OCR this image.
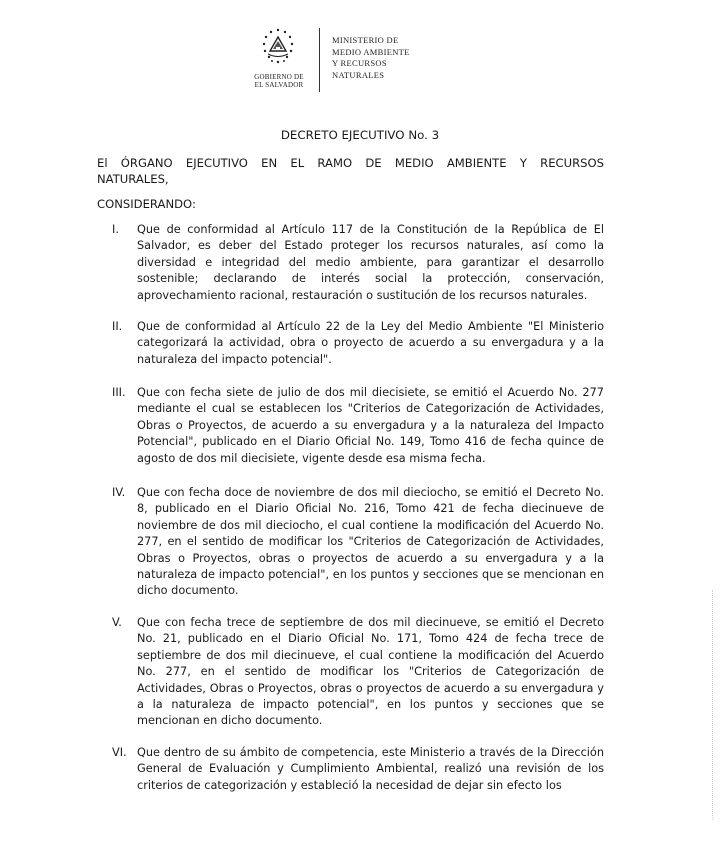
GOBIERNO DE
EL SALVADOR
MINISTERIO DE
MEDIO AMBIENTE
Y RECURSOS
NATURALES
DECRETO EJECUTIVO No. 3
El ÓRGANO EJECUTIVO EN EL RAMO DE MEDIO AMBIENTE Y RECURSOS NATURALES,
CONSIDERANDO:
I. Que de conformidad al Artículo 117 de la Constitución de la República de El Salvador, es deber del Estado proteger los recursos naturales, así como la diversidad e integridad del medio ambiente, para garantizar el desarrollo sostenible; declarando de interés social la protección, conservación, aprovechamiento racional, restauración o sustitución de los recursos naturales.
II. Que de conformidad al Artículo 22 de la Ley del Medio Ambiente "El Ministerio categorizará la actividad, obra o proyecto de acuerdo a su envergadura y a la naturaleza del impacto potencial".
III. Que con fecha siete de julio de dos mil diecisiete, se emitió el Acuerdo No. 277 mediante el cual se establecen los "Criterios de Categorización de Actividades, Obras o Proyectos, de acuerdo a su envergadura y a la naturaleza del Impacto Potencial", publicado en el Diario Oficial No. 149, Tomo 416 de fecha quince de agosto de dos mil diecisiete, vigente desde esa misma fecha.
IV. Que con fecha doce de noviembre de dos mil dieciocho, se emitió el Decreto No. 8, publicado en el Diario Oficial No. 216, Tomo 421 de fecha diecinueve de noviembre de dos mil dieciocho, el cual contiene la modificación del Acuerdo No. 277, en el sentido de modificar los "Criterios de Categorización de Actividades, Obras o Proyectos, obras o proyectos de acuerdo a su envergadura y a la naturaleza de impacto potencial", en los puntos y secciones que se mencionan en dicho documento.
V. Que con fecha trece de septiembre de dos mil diecinueve, se emitió el Decreto No. 21, publicado en el Diario Oficial No. 171, Tomo 424 de fecha trece de septiembre de dos mil diecinueve, el cual contiene la modificación del Acuerdo No. 277, en el sentido de modificar los "Criterios de Categorización de Actividades, Obras o Proyectos, obras o proyectos de acuerdo a su envergadura y a la naturaleza de impacto potencial", en los puntos y secciones que se mencionan en dicho documento.
VI. Que dentro de su ámbito de competencia, este Ministerio a través de la Dirección General de Evaluación y Cumplimiento Ambiental, realizó una revisión de los criterios de categorización y estableció la necesidad de dejar sin efecto los
